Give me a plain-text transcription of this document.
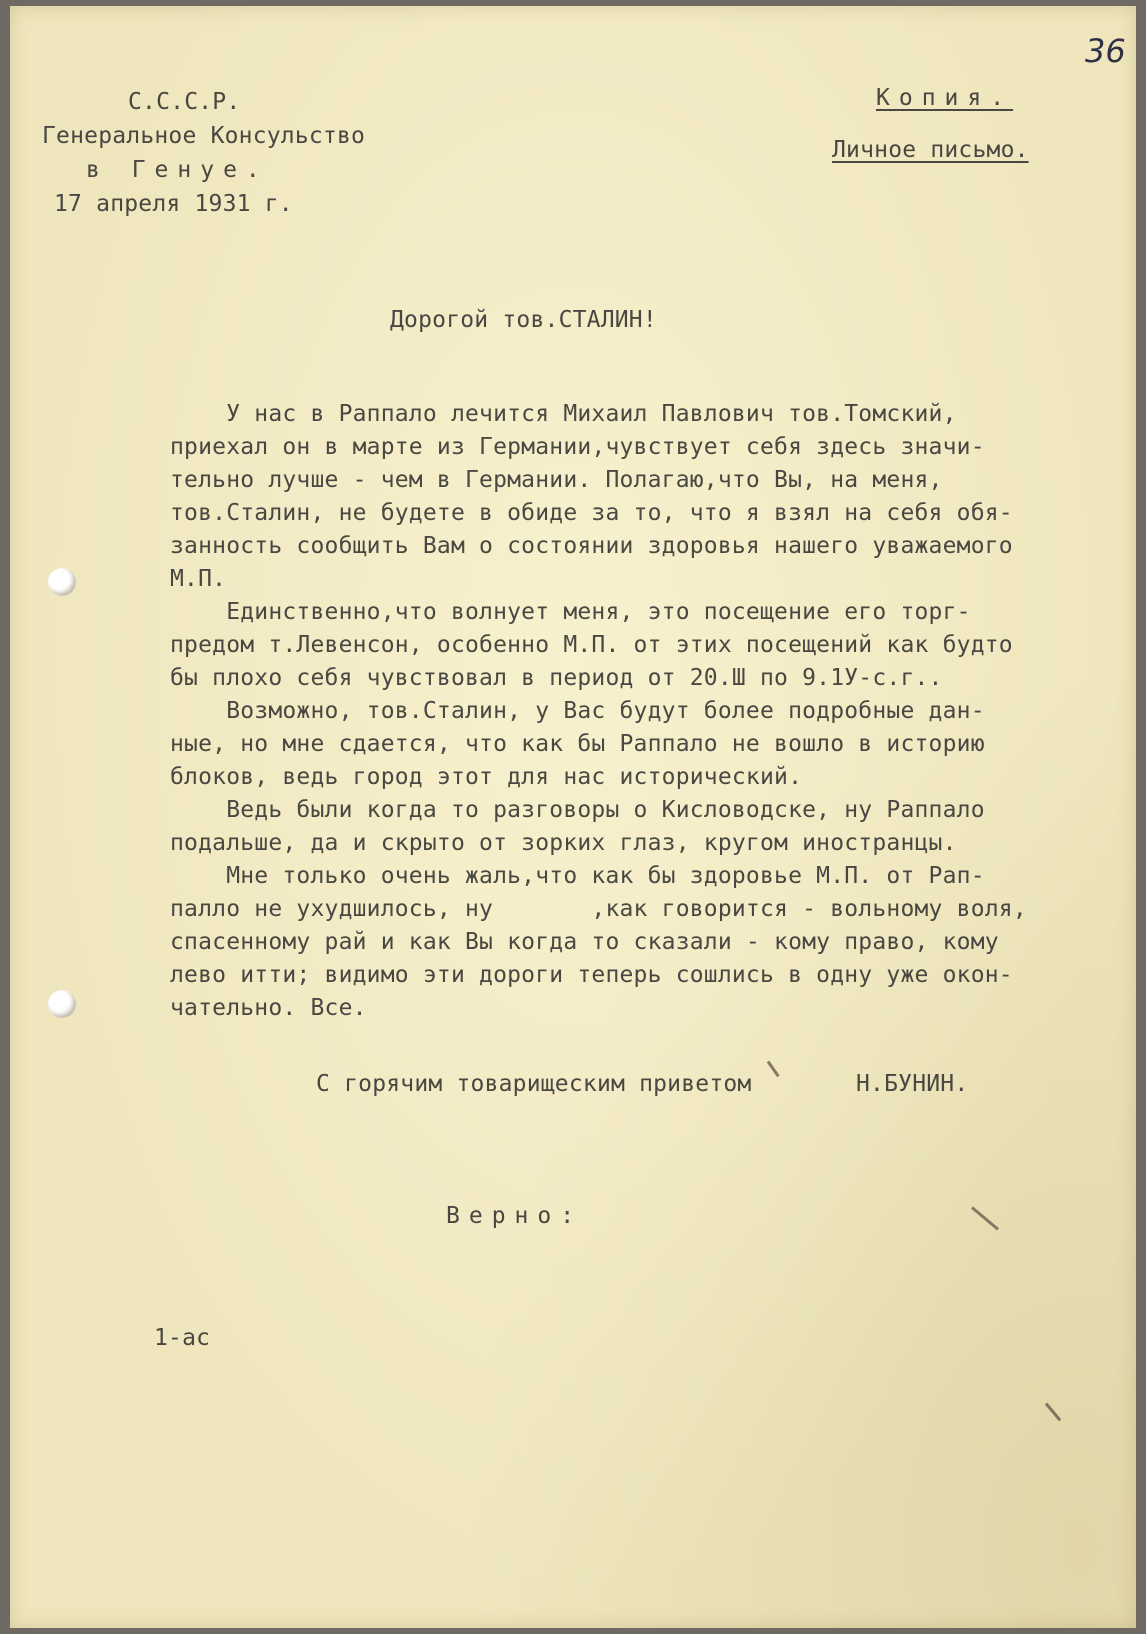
36

С.С.С.Р.

Генеральное Консульство

в Генуе.

17 апреля 1931 г.

Копия.

Личное письмо.

Дорогой тов.СТАЛИН!

У нас в Раппало лечится Михаил Павлович тов.Томский,

приехал он в марте из Германии,чувствует себя здесь значи-

тельно лучше - чем в Германии. Полагаю,что Вы, на меня,

тов.Сталин, не будете в обиде за то, что я взял на себя обя-

занность сообщить Вам о состоянии здоровья нашего уважаемого

М.П.

Единственно,что волнует меня, это посещение его торг-

предом т.Левенсон, особенно М.П. от этих посещений как будто

бы плохо себя чувствовал в период от 20.Ш по 9.1У-с.г..

Возможно, тов.Сталин, у Вас будут более подробные дан-

ные, но мне сдается, что как бы Раппало не вошло в историю

блоков, ведь город этот для нас исторический.

Ведь были когда то разговоры о Кисловодске, ну Раппало

подальше, да и скрыто от зорких глаз, кругом иностранцы.

Мне только очень жаль,что как бы здоровье М.П. от Рап-

палло не ухудшилось, ну       ,как говорится - вольному воля,

спасенному рай и как Вы когда то сказали - кому право, кому

лево итти; видимо эти дороги теперь сошлись в одну уже окон-

чательно. Все.

С горячим товарищеским приветом	Н.БУНИН.

Верно:

1-ас
